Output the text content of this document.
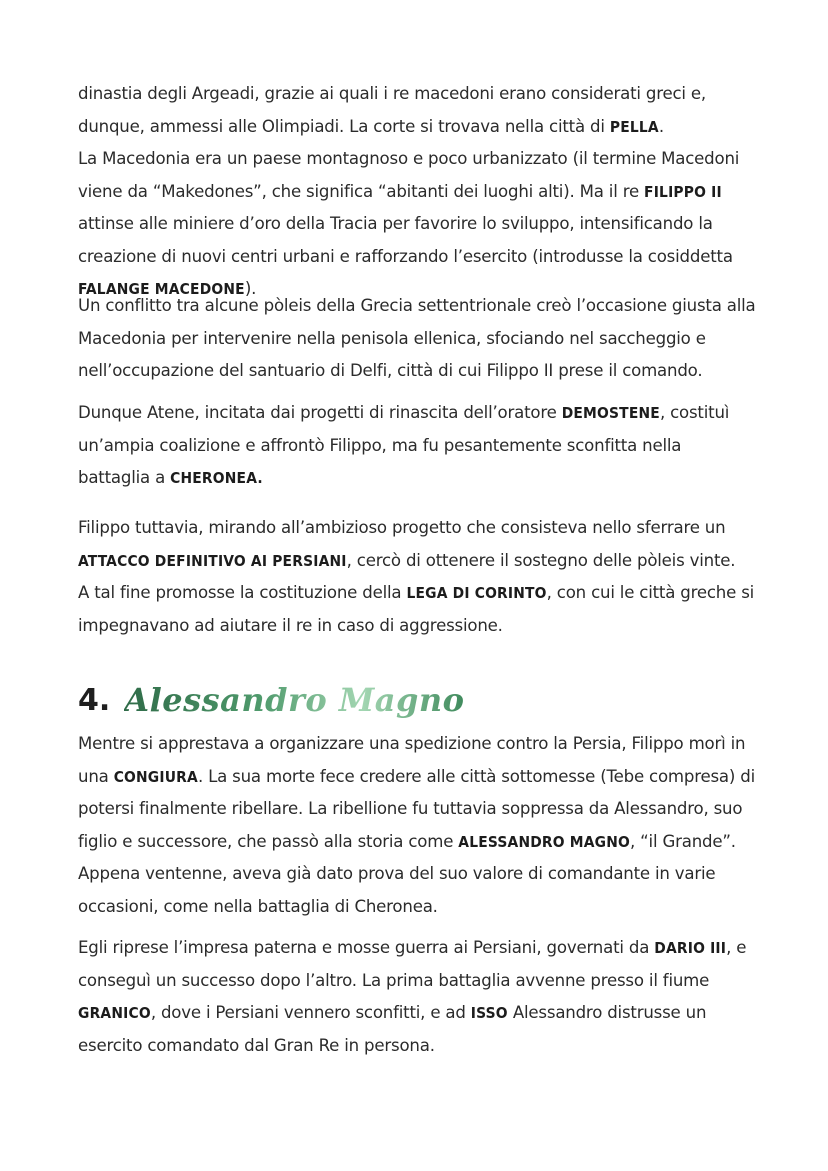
dinastia degli Argeadi, grazie ai quali i re macedoni erano considerati greci e, dunque, ammessi alle Olimpiadi. La corte si trovava nella città di PELLA.
La Macedonia era un paese montagnoso e poco urbanizzato (il termine Macedoni viene da “Makedones”, che significa “abitanti dei luoghi alti). Ma il re FILIPPO II attinse alle miniere d’oro della Tracia per favorire lo sviluppo, intensificando la creazione di nuovi centri urbani e rafforzando l’esercito (introdusse la cosiddetta FALANGE MACEDONE).

Un conflitto tra alcune pòleis della Grecia settentrionale creò l’occasione giusta alla Macedonia per intervenire nella penisola ellenica, sfociando nel saccheggio e nell’occupazione del santuario di Delfi, città di cui Filippo II prese il comando.

Dunque Atene, incitata dai progetti di rinascita dell’oratore DEMOSTENE, costituì un’ampia coalizione e affrontò Filippo, ma fu pesantemente sconfitta nella battaglia a CHERONEA.

Filippo tuttavia, mirando all’ambizioso progetto che consisteva nello sferrare un ATTACCO DEFINITIVO AI PERSIANI, cercò di ottenere il sostegno delle pòleis vinte.
A tal fine promosse la costituzione della LEGA DI CORINTO, con cui le città greche si impegnavano ad aiutare il re in caso di aggressione.

4. Alessandro Magno

Mentre si apprestava a organizzare una spedizione contro la Persia, Filippo morì in una CONGIURA. La sua morte fece credere alle città sottomesse (Tebe compresa) di potersi finalmente ribellare. La ribellione fu tuttavia soppressa da Alessandro, suo figlio e successore, che passò alla storia come ALESSANDRO MAGNO, “il Grande”. Appena ventenne, aveva già dato prova del suo valore di comandante in varie occasioni, come nella battaglia di Cheronea.

Egli riprese l’impresa paterna e mosse guerra ai Persiani, governati da DARIO III, e conseguì un successo dopo l’altro. La prima battaglia avvenne presso il fiume GRANICO, dove i Persiani vennero sconfitti, e ad ISSO Alessandro distrusse un esercito comandato dal Gran Re in persona.
